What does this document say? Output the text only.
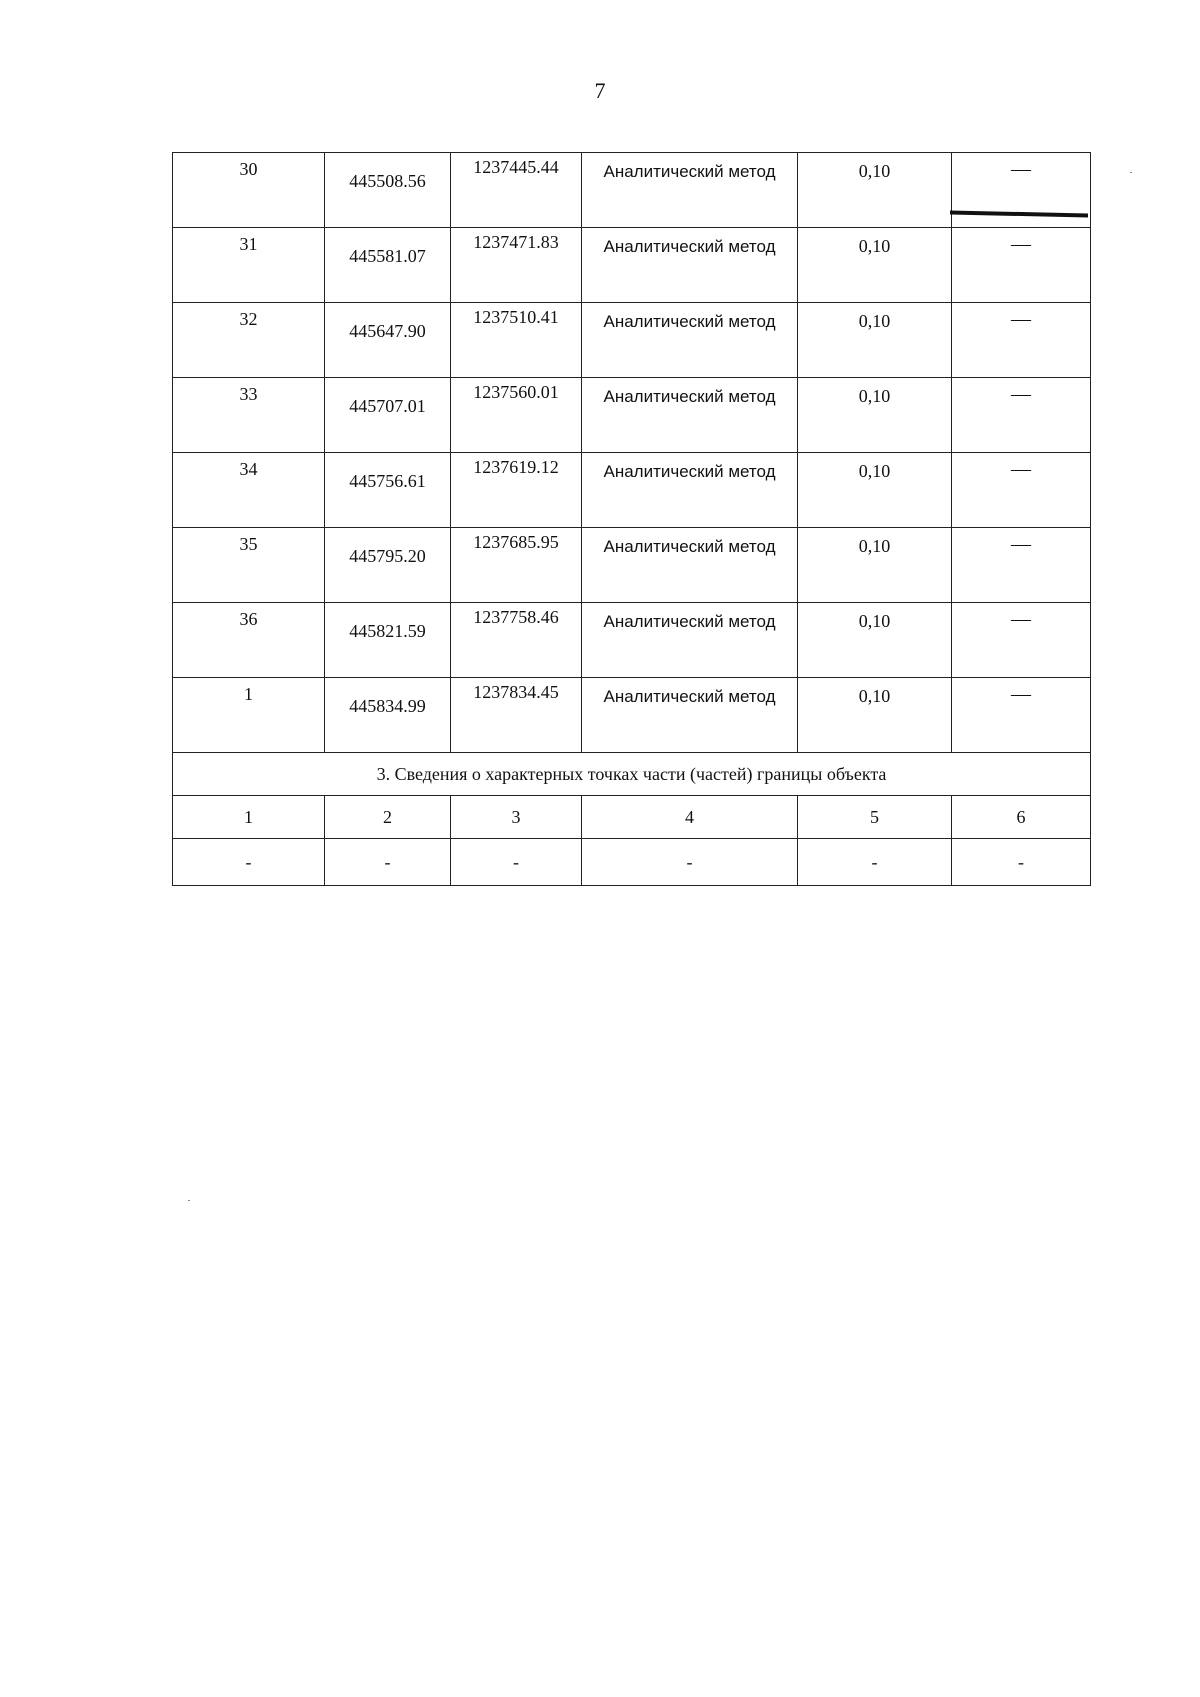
7
30	445508.56	1237445.44	Аналитический метод	0,10	—
31	445581.07	1237471.83	Аналитический метод	0,10	—
32	445647.90	1237510.41	Аналитический метод	0,10	—
33	445707.01	1237560.01	Аналитический метод	0,10	—
34	445756.61	1237619.12	Аналитический метод	0,10	—
35	445795.20	1237685.95	Аналитический метод	0,10	—
36	445821.59	1237758.46	Аналитический метод	0,10	—
1	445834.99	1237834.45	Аналитический метод	0,10	—
3. Сведения о характерных точках части (частей) границы объекта					
1	2	3	4	5	6
-	-	-	-	-	-
